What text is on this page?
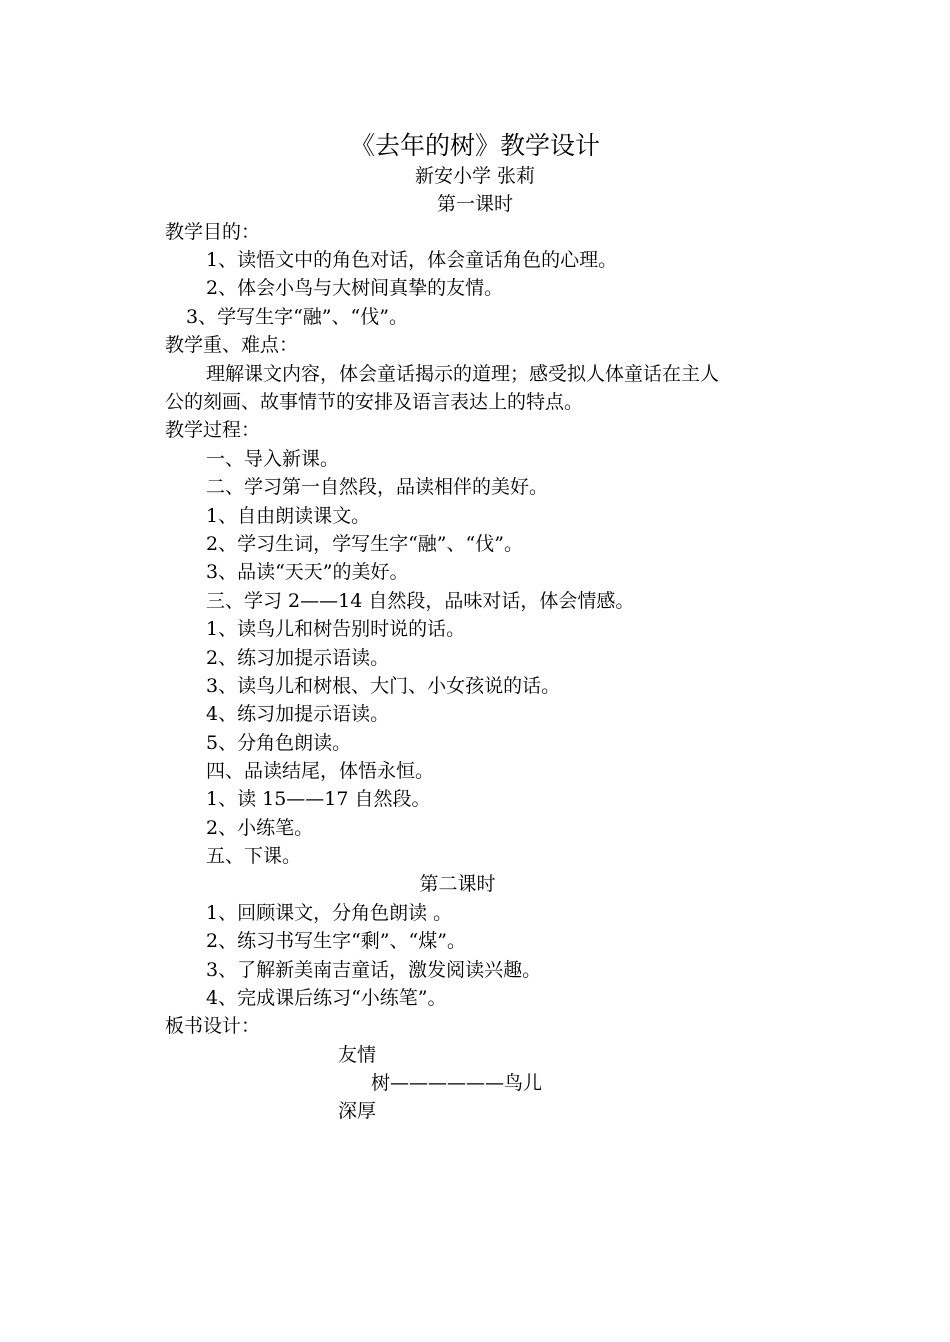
《去年的树》教学设计
新安小学 张莉
第一课时
教学目的：
1、读悟文中的角色对话，体会童话角色的心理。
2、体会小鸟与大树间真挚的友情。
3、学写生字“融”、“伐”。
教学重、难点：
理解课文内容，体会童话揭示的道理；感受拟人体童话在主人
公的刻画、故事情节的安排及语言表达上的特点。
教学过程：
一、导入新课。
二、学习第一自然段，品读相伴的美好。
1、自由朗读课文。
2、学习生词，学写生字“融”、“伐”。
3、品读“天天”的美好。
三、学习 2——14 自然段，品味对话，体会情感。
1、读鸟儿和树告别时说的话。
2、练习加提示语读。
3、读鸟儿和树根、大门、小女孩说的话。
4、练习加提示语读。
5、分角色朗读。
四、品读结尾，体悟永恒。
1、读 15——17 自然段。
2、小练笔。
五、下课。
第二课时
1、回顾课文，分角色朗读 。
2、练习书写生字“剩”、“煤”。
3、了解新美南吉童话，激发阅读兴趣。
4、完成课后练习“小练笔”。
板书设计：
友情
树——————鸟儿
深厚
